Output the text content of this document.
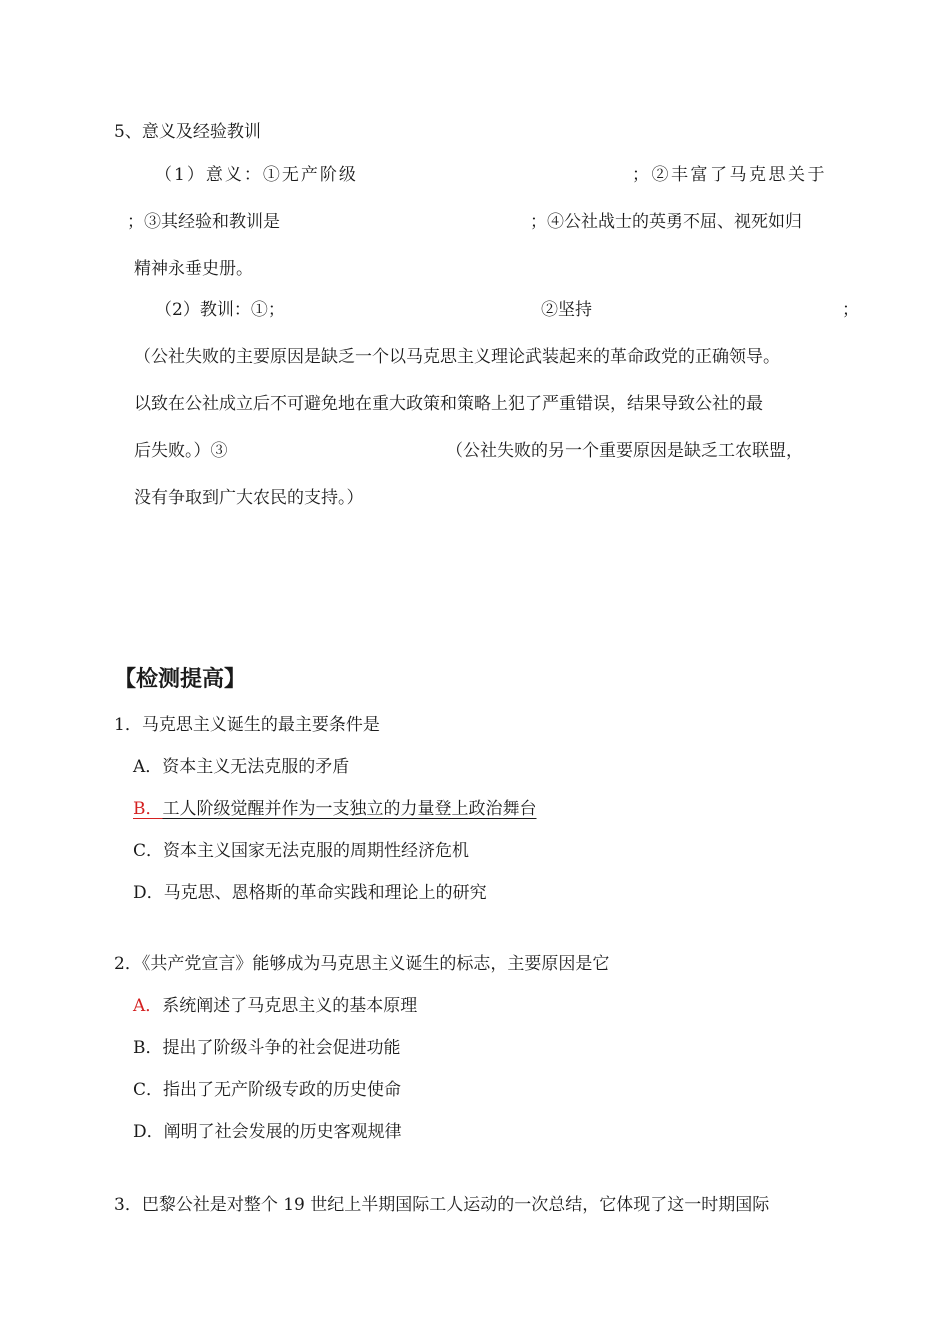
5、意义及经验教训
（1）意义：①无产阶级	；②丰富了马克思关于
；③其经验和教训是	；④公社战士的英勇不屈、视死如归
精神永垂史册。
（2）教训：①；	②坚持	；
（公社失败的主要原因是缺乏一个以马克思主义理论武装起来的革命政党的正确领导。
以致在公社成立后不可避免地在重大政策和策略上犯了严重错误，结果导致公社的最
后失败。）③	（公社失败的另一个重要原因是缺乏工农联盟，
没有争取到广大农民的支持。）
【检测提高】
1．马克思主义诞生的最主要条件是
A．资本主义无法克服的矛盾
B．工人阶级觉醒并作为一支独立的力量登上政治舞台
C．资本主义国家无法克服的周期性经济危机
D．马克思、恩格斯的革命实践和理论上的研究
2．《共产党宣言》能够成为马克思主义诞生的标志，主要原因是它
A．系统阐述了马克思主义的基本原理
B．提出了阶级斗争的社会促进功能
C．指出了无产阶级专政的历史使命
D．阐明了社会发展的历史客观规律
3．巴黎公社是对整个 19 世纪上半期国际工人运动的一次总结，它体现了这一时期国际
